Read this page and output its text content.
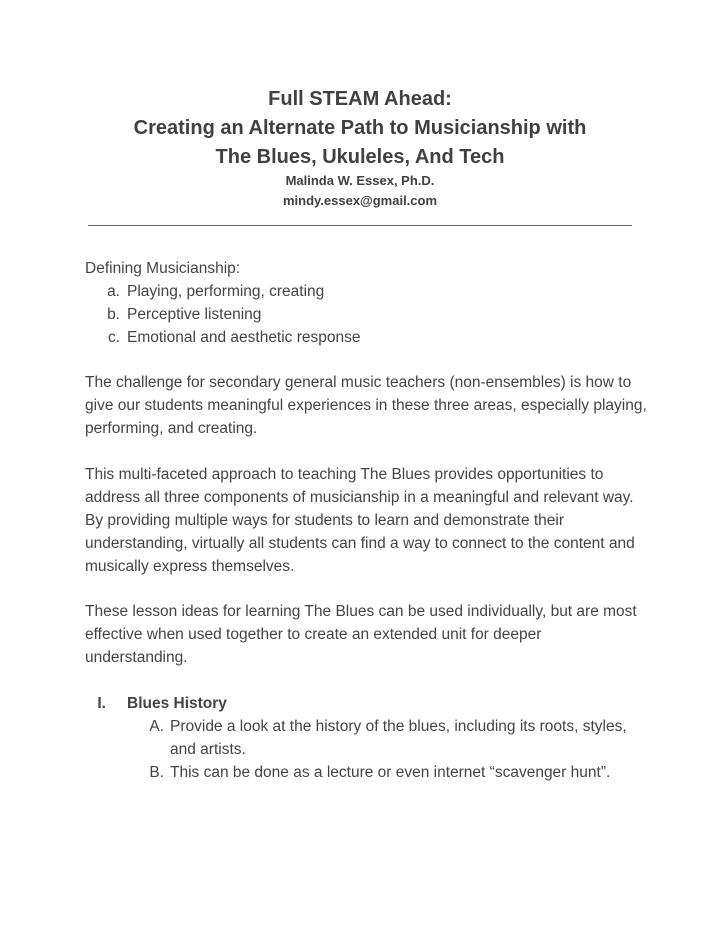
Full STEAM Ahead:
Creating an Alternate Path to Musicianship with
The Blues, Ukuleles, And Tech
Malinda W. Essex, Ph.D.
mindy.essex@gmail.com

Defining Musicianship:

a. Playing, performing, creating
b. Perceptive listening
c. Emotional and aesthetic response

The challenge for secondary general music teachers (non-ensembles) is how to give our students meaningful experiences in these three areas, especially playing, performing, and creating.

This multi-faceted approach to teaching The Blues provides opportunities to address all three components of musicianship in a meaningful and relevant way. By providing multiple ways for students to learn and demonstrate their understanding, virtually all students can find a way to connect to the content and musically express themselves.

These lesson ideas for learning The Blues can be used individually, but are most effective when used together to create an extended unit for deeper understanding.

I. Blues History
A. Provide a look at the history of the blues, including its roots, styles, and artists.
B. This can be done as a lecture or even internet “scavenger hunt”.
